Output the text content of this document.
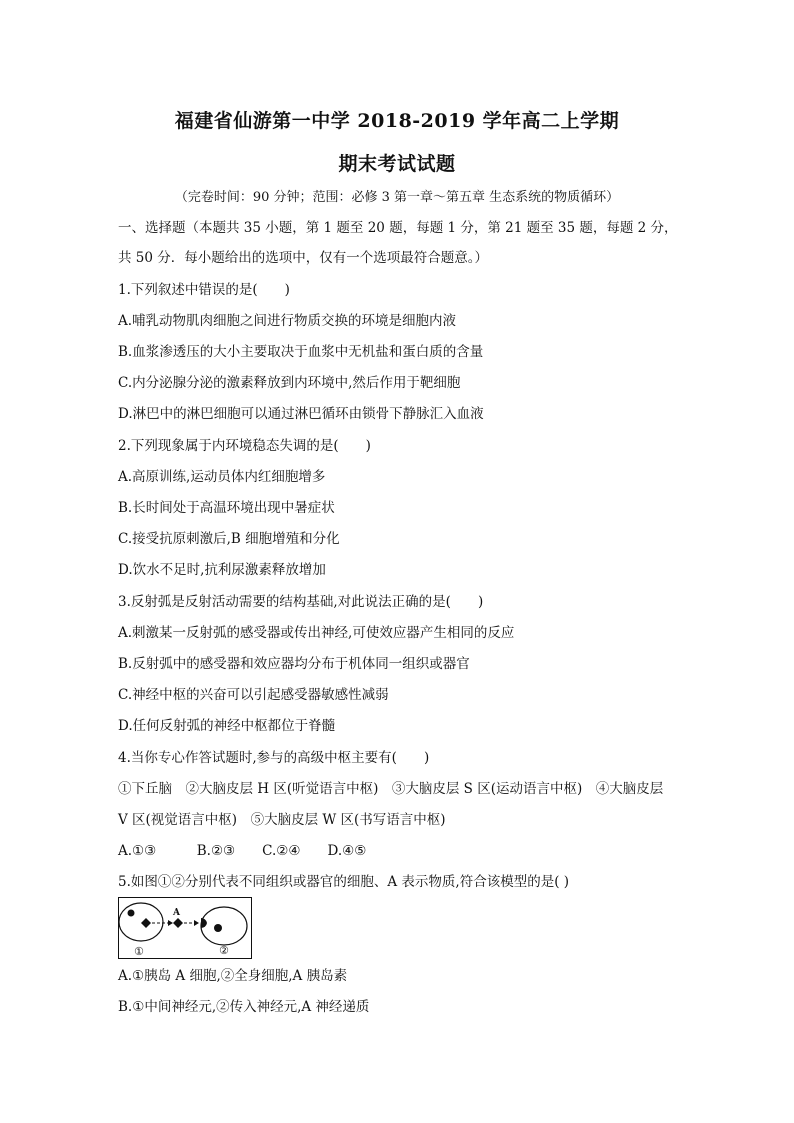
福建省仙游第一中学 2018-2019 学年高二上学期
期末考试试题
（完卷时间：90 分钟；范围：必修 3 第一章～第五章 生态系统的物质循环）
一、选择题（本题共 35 小题，第 1 题至 20 题，每题 1 分，第 21 题至 35 题，每题 2 分，
共 50 分．每小题给出的选项中，仅有一个选项最符合题意。）
1.下列叙述中错误的是(　　)
A.哺乳动物肌肉细胞之间进行物质交换的环境是细胞内液
B.血浆渗透压的大小主要取决于血浆中无机盐和蛋白质的含量
C.内分泌腺分泌的激素释放到内环境中,然后作用于靶细胞
D.淋巴中的淋巴细胞可以通过淋巴循环由锁骨下静脉汇入血液
2.下列现象属于内环境稳态失调的是(　　)
A.高原训练,运动员体内红细胞增多
B.长时间处于高温环境出现中暑症状
C.接受抗原刺激后,B 细胞增殖和分化
D.饮水不足时,抗利尿激素释放增加
3.反射弧是反射活动需要的结构基础,对此说法正确的是(　　)
A.刺激某一反射弧的感受器或传出神经,可使效应器产生相同的反应
B.反射弧中的感受器和效应器均分布于机体同一组织或器官
C.神经中枢的兴奋可以引起感受器敏感性减弱
D.任何反射弧的神经中枢都位于脊髓
4.当你专心作答试题时,参与的高级中枢主要有(　　)
①下丘脑　②大脑皮层 H 区(听觉语言中枢)　③大脑皮层 S 区(运动语言中枢)　④大脑皮层
V 区(视觉语言中枢)　⑤大脑皮层 W 区(书写语言中枢)
A.①③　　　B.②③　　C.②④　　D.④⑤
5.如图①②分别代表不同组织或器官的细胞、A 表示物质,符合该模型的是( )
A
①	②
A.①胰岛 A 细胞,②全身细胞,A 胰岛素
B.①中间神经元,②传入神经元,A 神经递质
